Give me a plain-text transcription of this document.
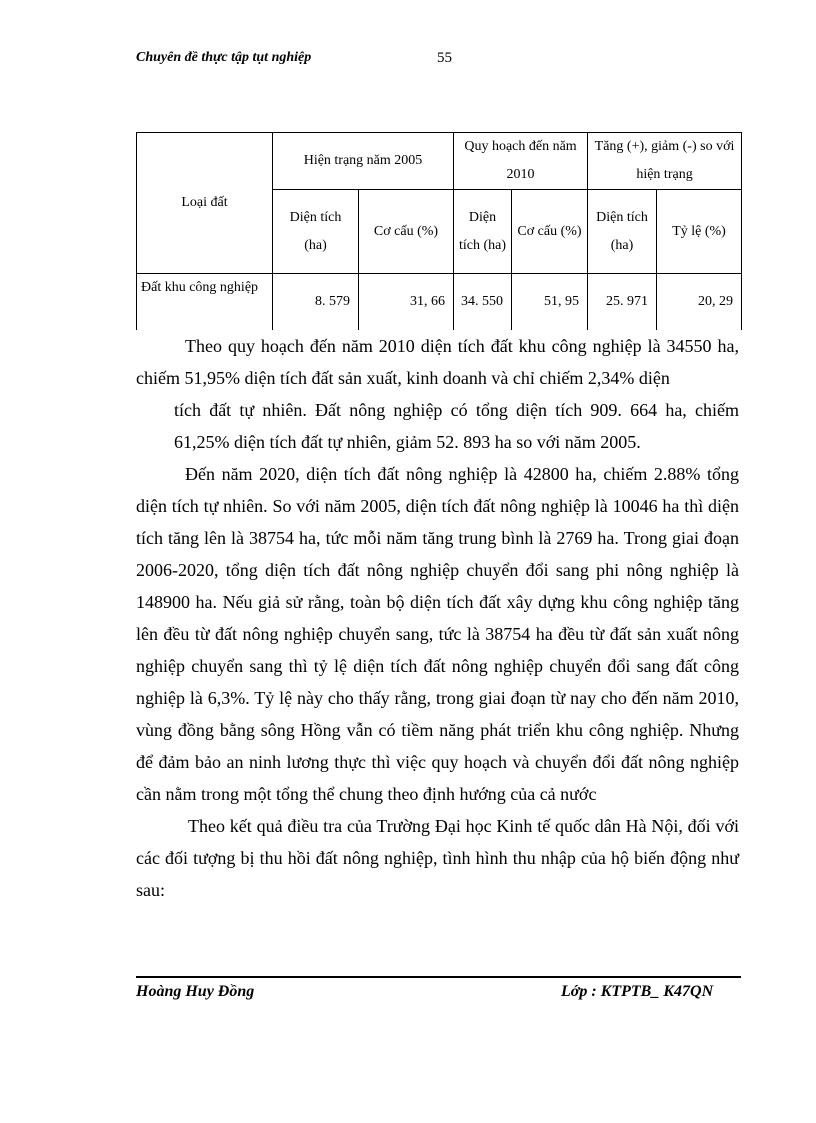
Chuyên đề thực tập tụt nghiệp	55
Loại đất	Hiện trạng năm 2005		Quy hoạch đến năm 2010		Tăng (+), giảm (-) so với hiện trạng	
	Diện tích (ha)	Cơ cấu (%)	Diện tích (ha)	Cơ cấu (%)	Diện tích (ha)	Tỷ lệ (%)
Đất khu công nghiệp	8. 579	31, 66	34. 550	51, 95	25. 971	20, 29

Theo quy hoạch đến năm 2010 diện tích đất khu công nghiệp là 34550 ha, chiếm 51,95% diện tích đất sản xuất, kinh doanh và chỉ chiếm 2,34% diện

tích đất tự nhiên. Đất nông nghiệp có tổng diện tích 909. 664 ha, chiếm 61,25% diện tích đất tự nhiên, giảm 52. 893 ha so với năm 2005.

Đến năm 2020, diện tích đất nông nghiệp là 42800 ha, chiếm 2.88% tổng diện tích tự nhiên. So với năm 2005, diện tích đất nông nghiệp là 10046 ha thì diện tích tăng lên là 38754 ha, tức mỗi năm tăng trung bình là 2769 ha. Trong giai đoạn 2006-2020, tổng diện tích đất nông nghiệp chuyển đổi sang phi nông nghiệp là 148900 ha. Nếu giả sử rằng, toàn bộ diện tích đất xây dựng khu công nghiệp tăng lên đều từ đất nông nghiệp chuyển sang, tức là 38754 ha đều từ đất sản xuất nông nghiệp chuyển sang thì tỷ lệ diện tích đất nông nghiệp chuyển đổi sang đất công nghiệp là 6,3%. Tỷ lệ này cho thấy rằng, trong giai đoạn từ nay cho đến năm 2010, vùng đồng bằng sông Hồng vẫn có tiềm năng phát triển khu công nghiệp. Nhưng để đảm bảo an ninh lương thực thì việc quy hoạch và chuyển đổi đất nông nghiệp cần nằm trong một tổng thể chung theo định hướng của cả nước

Theo kết quả điều tra của Trường Đại học Kinh tế quốc dân Hà Nội, đối với các đối tượng bị thu hồi đất nông nghiệp, tình hình thu nhập của hộ biến động như sau:

Hoàng Huy Đồng	Lớp : KTPTB_ K47QN
